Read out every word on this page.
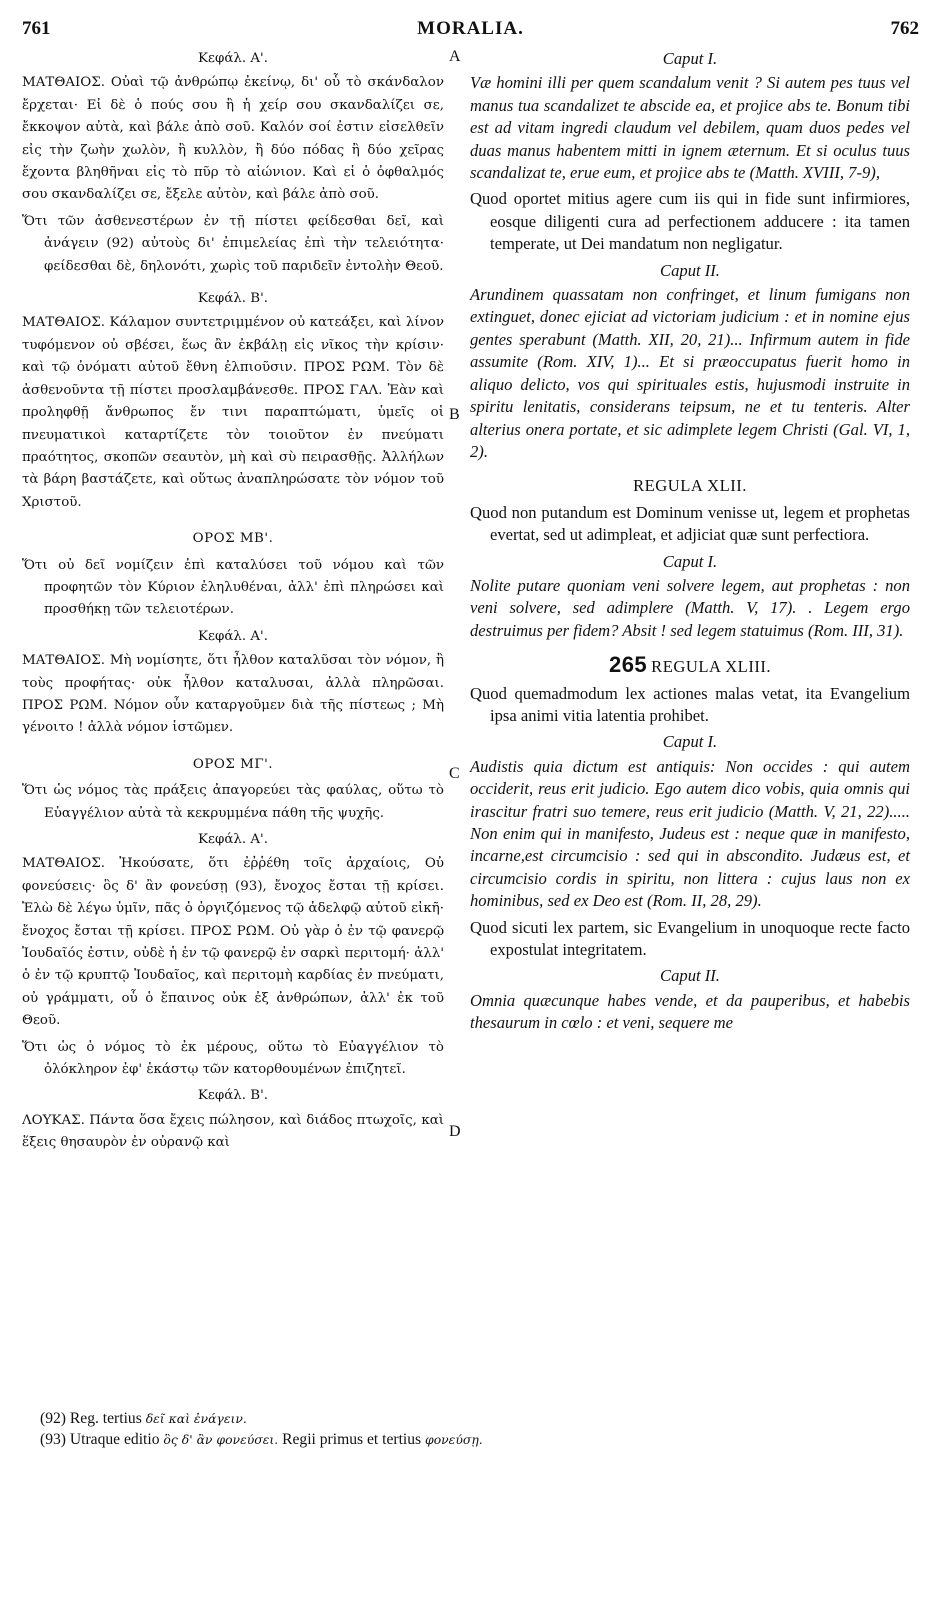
761	MORALIA.	762
A
B
C
D
Κεφάλ. Α'.
ΜΑΤΘΑΙΟΣ. Οὐαὶ τῷ ἀνθρώπῳ ἐκείνῳ, δι' οὗ τὸ σκάνδαλον ἔρχεται· Εἰ δὲ ὁ πούς σου ἢ ἡ χείρ σου σκανδαλίζει σε, ἔκκοψον αὐτὰ, καὶ βάλε ἀπὸ σοῦ. Καλόν σοί ἐστιν εἰσελθεῖν εἰς τὴν ζωὴν χωλὸν, ἢ κυλλὸν, ἢ δύο πόδας ἢ δύο χεῖρας ἔχοντα βληθῆναι εἰς τὸ πῦρ τὸ αἰώνιον. Καὶ εἰ ὁ ὀφθαλμός σου σκανδαλίζει σε, ἔξελε αὐτὸν, καὶ βάλε ἀπὸ σοῦ.
Ὅτι τῶν ἀσθενεστέρων ἐν τῇ πίστει φείδεσθαι δεῖ, καὶ ἀνάγειν (92) αὐτοὺς δι' ἐπιμελείας ἐπὶ τὴν τελειότητα· φείδεσθαι δὲ, δηλονότι, χωρὶς τοῦ παριδεῖν ἐντολὴν Θεοῦ.
Κεφάλ. Β'.
ΜΑΤΘΑΙΟΣ. Κάλαμον συντετριμμένον οὐ κατεάξει, καὶ λίνον τυφόμενον οὐ σβέσει, ἕως ἂν ἐκβάλῃ εἰς νῖκος τὴν κρίσιν· καὶ τῷ ὀνόματι αὐτοῦ ἔθνη ἐλπιοῦσιν. ΠΡΟΣ ΡΩΜ. Τὸν δὲ ἀσθενοῦντα τῇ πίστει προσλαμβάνεσθε. ΠΡΟΣ ΓΑΛ. Ἐὰν καὶ προληφθῇ ἄνθρωπος ἔν τινι παραπτώματι, ὑμεῖς οἱ πνευματικοὶ καταρτίζετε τὸν τοιοῦτον ἐν πνεύματι πραότητος, σκοπῶν σεαυτὸν, μὴ καὶ σὺ πειρασθῇς. Ἀλλήλων τὰ βάρη βαστάζετε, καὶ οὕτως ἀναπληρώσατε τὸν νόμον τοῦ Χριστοῦ.
ΟΡΟΣ ΜΒ'.
Ὅτι οὐ δεῖ νομίζειν ἐπὶ καταλύσει τοῦ νόμου καὶ τῶν προφητῶν τὸν Κύριον ἐληλυθέναι, ἀλλ' ἐπὶ πληρώσει καὶ προσθήκῃ τῶν τελειοτέρων.
Κεφάλ. Α'.
ΜΑΤΘΑΙΟΣ. Μὴ νομίσητε, ὅτι ἦλθον καταλῦσαι τὸν νόμον, ἢ τοὺς προφήτας· οὐκ ἦλθον καταλυσαι, ἀλλὰ πληρῶσαι. ΠΡΟΣ ΡΩΜ. Νόμον οὖν καταργοῦμεν διὰ τῆς πίστεως ; Μὴ γένοιτο ! ἀλλὰ νόμον ἱστῶμεν.
ΟΡΟΣ ΜΓ'.
Ὅτι ὡς νόμος τὰς πράξεις ἀπαγορεύει τὰς φαύλας, οὕτω τὸ Εὐαγγέλιον αὐτὰ τὰ κεκρυμμένα πάθη τῆς ψυχῆς.
Κεφάλ. Α'.
ΜΑΤΘΑΙΟΣ. Ἠκούσατε, ὅτι ἐῤῥέθη τοῖς ἀρχαίοις, Οὐ φονεύσεις· ὃς δ' ἂν φονεύσῃ (93), ἔνοχος ἔσται τῇ κρίσει. Ἐλὼ δὲ λέγω ὑμῖν, πᾶς ὁ ὀργιζόμενος τῷ ἀδελφῷ αὐτοῦ εἰκῆ· ἔνοχος ἔσται τῇ κρίσει. ΠΡΟΣ ΡΩΜ. Οὐ γὰρ ὁ ἐν τῷ φανερῷ Ἰουδαῖός ἐστιν, οὐδὲ ἡ ἐν τῷ φανερῷ ἐν σαρκὶ περιτομή· ἀλλ' ὁ ἐν τῷ κρυπτῷ Ἰουδαῖος, καὶ περιτομὴ καρδίας ἐν πνεύματι, οὐ γράμματι, οὗ ὁ ἔπαινος οὐκ ἐξ ἀνθρώπων, ἀλλ' ἐκ τοῦ Θεοῦ.
Ὅτι ὡς ὁ νόμος τὸ ἐκ μέρους, οὕτω τὸ Εὐαγγέλιον τὸ ὁλόκληρον ἐφ' ἑκάστῳ τῶν κατορθουμένων ἐπιζητεῖ.
Κεφάλ. Β'.
ΛΟΥΚΑΣ. Πάντα ὅσα ἔχεις πώλησον, καὶ διάδος πτωχοῖς, καὶ ἕξεις θησαυρὸν ἐν οὐρανῷ καὶ
Caput I.
Væ homini illi per quem scandalum venit ? Si autem pes tuus vel manus tua scandalizet te abscide ea, et projice abs te. Bonum tibi est ad vitam ingredi claudum vel debilem, quam duos pedes vel duas manus habentem mitti in ignem æternum. Et si oculus tuus scandalizat te, erue eum, et projice abs te (Matth. XVIII, 7-9),
Quod oportet mitius agere cum iis qui in fide sunt infirmiores, eosque diligenti cura ad perfectionem adducere : ita tamen temperate, ut Dei mandatum non negligatur.
Caput II.
Arundinem quassatam non confringet, et linum fumigans non extinguet, donec ejiciat ad victoriam judicium : et in nomine ejus gentes sperabunt (Matth. XII, 20, 21)... Infirmum autem in fide assumite (Rom. XIV, 1)... Et si præoccupatus fuerit homo in aliquo delicto, vos qui spirituales estis, hujusmodi instruite in spiritu lenitatis, considerans teipsum, ne et tu tenteris. Alter alterius onera portate, et sic adimplete legem Christi (Gal. VI, 1, 2).
REGULA XLII.
Quod non putandum est Dominum venisse ut, legem et prophetas evertat, sed ut adimpleat, et adjiciat quæ sunt perfectiora.
Caput I.
Nolite putare quoniam veni solvere legem, aut prophetas : non veni solvere, sed adimplere (Matth. V, 17). . Legem ergo destruimus per fidem? Absit ! sed legem statuimus (Rom. III, 31).
265 REGULA XLIII.
Quod quemadmodum lex actiones malas vetat, ita Evangelium ipsa animi vitia latentia prohibet.
Caput I.
Audistis quia dictum est antiquis: Non occides : qui autem occiderit, reus erit judicio. Ego autem dico vobis, quia omnis qui irascitur fratri suo temere, reus erit judicio (Matth. V, 21, 22)..... Non enim qui in manifesto, Judeus est : neque quæ in manifesto, incarne,est circumcisio : sed qui in abscondito. Judæus est, et circumcisio cordis in spiritu, non littera : cujus laus non ex hominibus, sed ex Deo est (Rom. II, 28, 29).
Quod sicuti lex partem, sic Evangelium in unoquoque recte facto expostulat integritatem.
Caput II.
Omnia quæcunque habes vende, et da pauperibus, et habebis thesaurum in cœlo : et veni, sequere me
(92) Reg. tertius δεῖ καὶ ἐνάγειν.
(93) Utraque editio ὃς δ' ἂν φονεύσει. Regii primus et tertius φονεύσῃ.
